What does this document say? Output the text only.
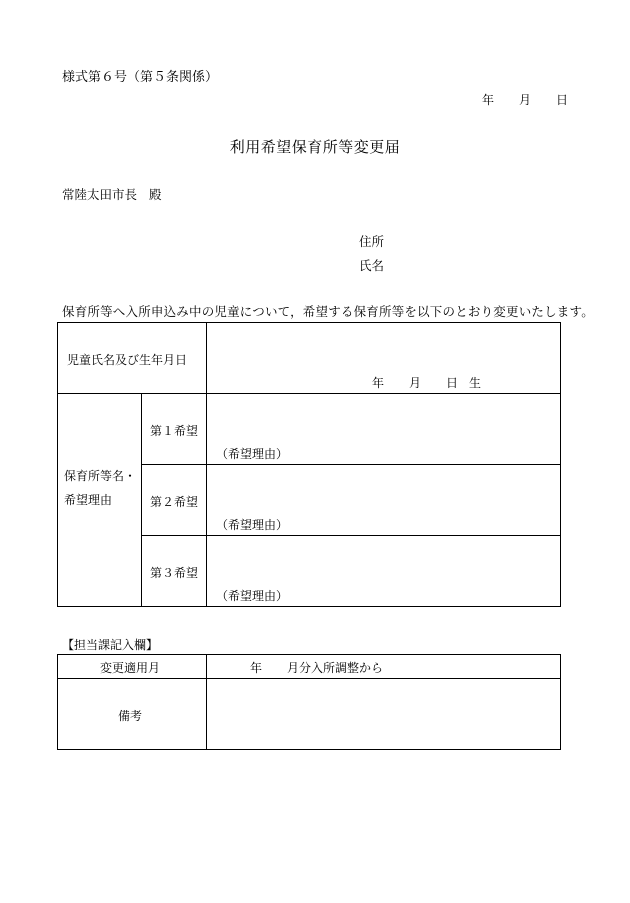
様式第６号（第５条関係）
年 月 日
利用希望保育所等変更届
常陸太田市長 殿
住所
氏名
保育所等へ入所申込み中の児童について，希望する保育所等を以下のとおり変更いたします。
児童氏名及び生年月日
年 月 日 生
保育所等名・
希望理由
第１希望
（希望理由）
第２希望
（希望理由）
第３希望
（希望理由）
【担当課記入欄】
変更適用月	年 月分入所調整から
備考
